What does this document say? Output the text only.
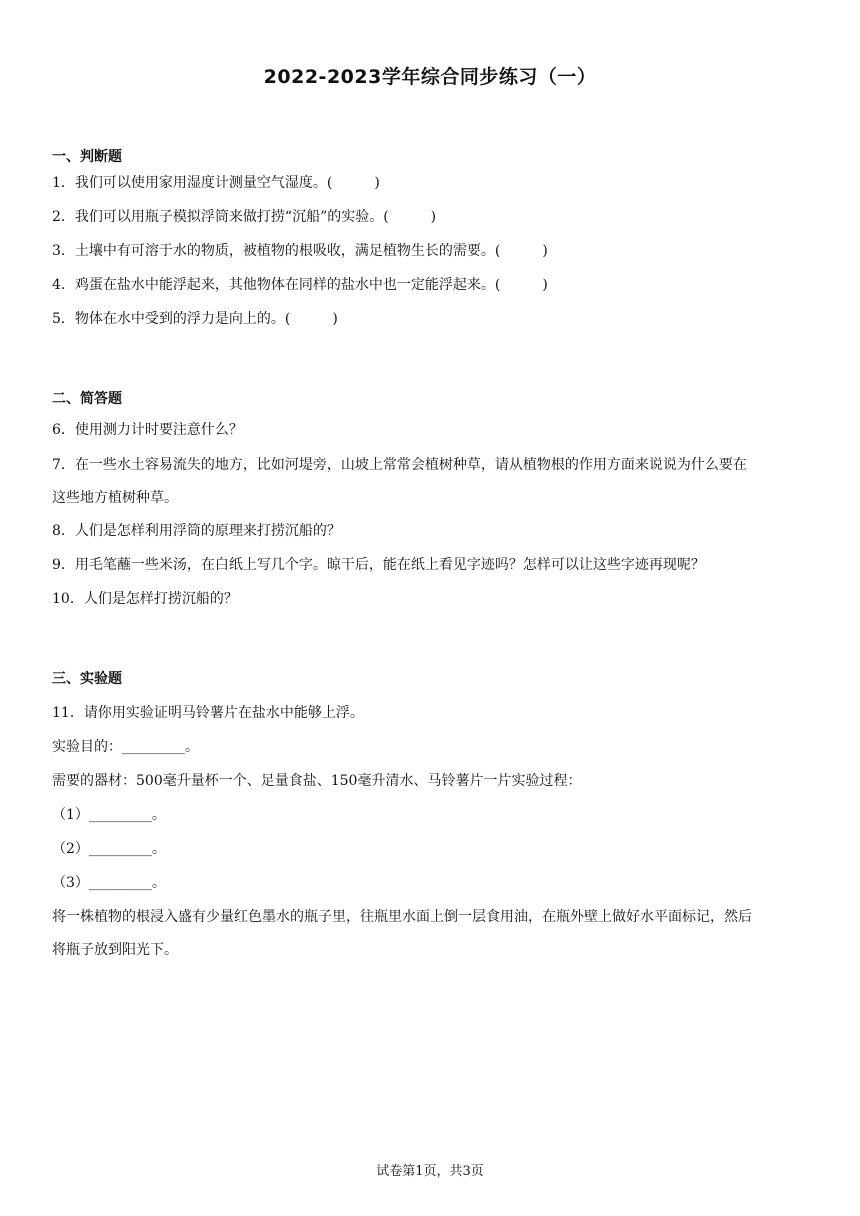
2022-2023学年综合同步练习（一）
一、判断题
1．我们可以使用家用湿度计测量空气湿度。(　　　)
2．我们可以用瓶子模拟浮筒来做打捞“沉船”的实验。(　　　)
3．土壤中有可溶于水的物质，被植物的根吸收，满足植物生长的需要。(　　　)
4．鸡蛋在盐水中能浮起来，其他物体在同样的盐水中也一定能浮起来。(　　　)
5．物体在水中受到的浮力是向上的。(　　　)
二、简答题
6．使用测力计时要注意什么？
7．在一些水土容易流失的地方，比如河堤旁，山坡上常常会植树种草，请从植物根的作用方面来说说为什么要在
这些地方植树种草。
8．人们是怎样利用浮筒的原理来打捞沉船的？
9．用毛笔蘸一些米汤，在白纸上写几个字。晾干后，能在纸上看见字迹吗？怎样可以让这些字迹再现呢？
10．人们是怎样打捞沉船的？
三、实验题
11．请你用实验证明马铃薯片在盐水中能够上浮。
实验目的：_________。
需要的器材：500毫升量杯一个、足量食盐、150毫升清水、马铃薯片一片实验过程：
（1）_________。
（2）_________。
（3）_________。
将一株植物的根浸入盛有少量红色墨水的瓶子里，往瓶里水面上倒一层食用油，在瓶外壁上做好水平面标记，然后
将瓶子放到阳光下。
试卷第1页，共3页
